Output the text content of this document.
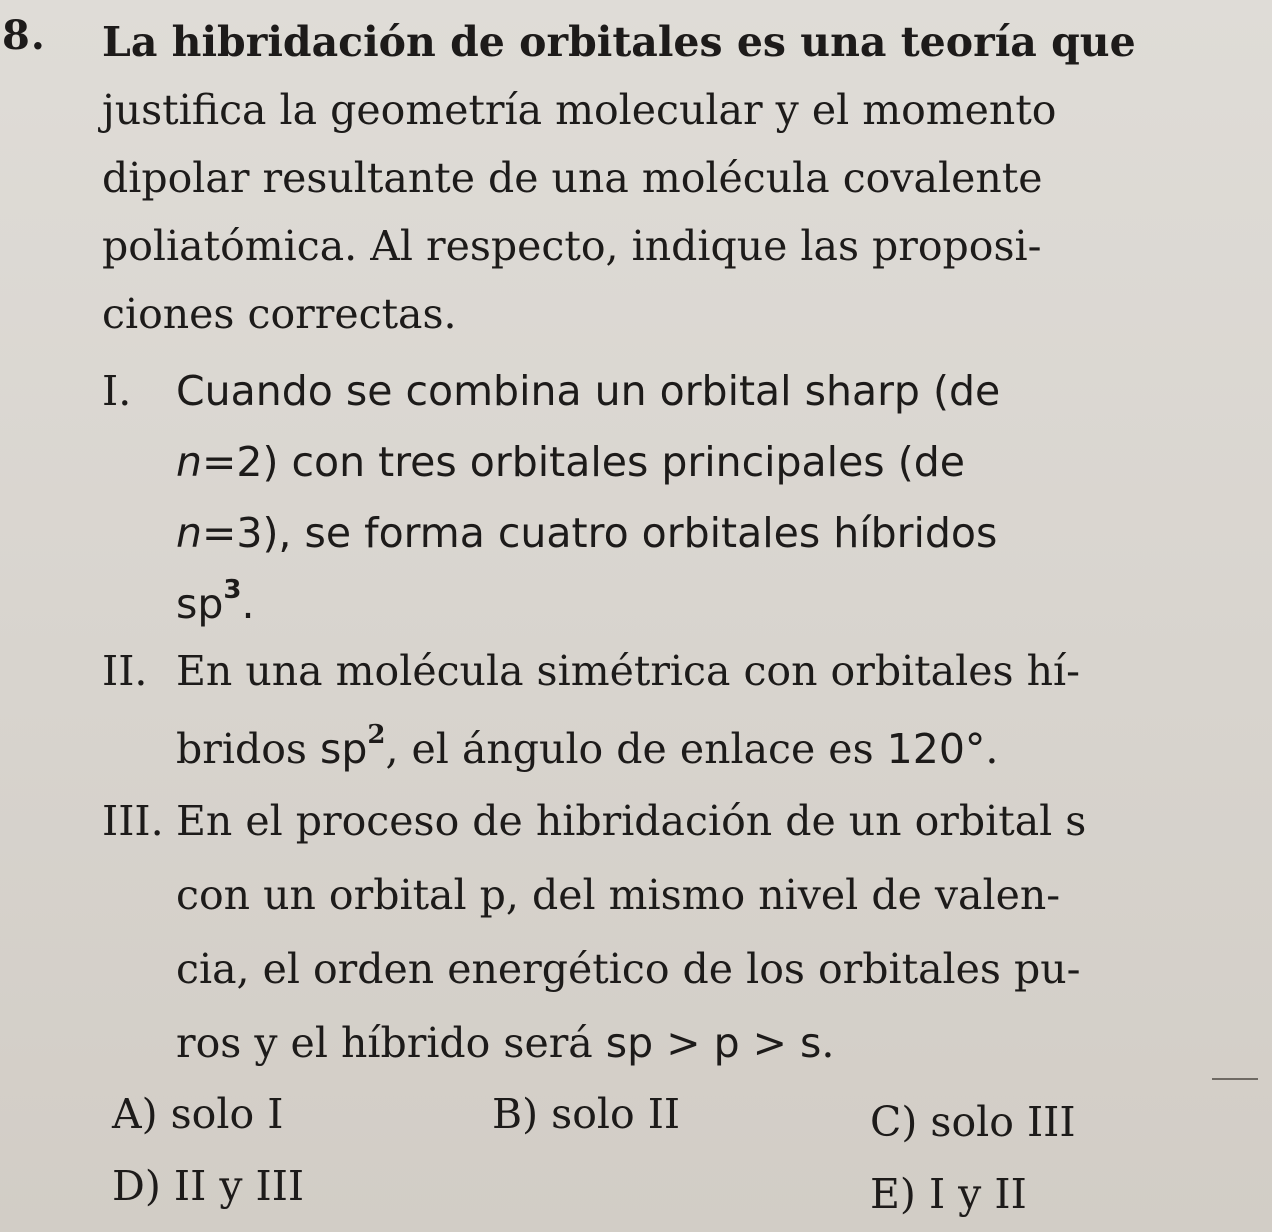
8. La hibridación de orbitales es una teoría que
justifica la geometría molecular y el momento
dipolar resultante de una molécula covalente
poliatómica. Al respecto, indique las proposi-
ciones correctas.
I. Cuando se combina un orbital sharp (de
n=2) con tres orbitales principales (de
n=3), se forma cuatro orbitales híbridos
$sp^3$.
II. En una molécula simétrica con orbitales hí-
bridos $sp^2$, el ángulo de enlace es 120°.
III. En el proceso de hibridación de un orbital s
con un orbital p, del mismo nivel de valen-
cia, el orden energético de los orbitales pu-
ros y el híbrido será sp > p > s.
A) solo I	B) solo II	C) solo III
D) II y III	E) I y II
